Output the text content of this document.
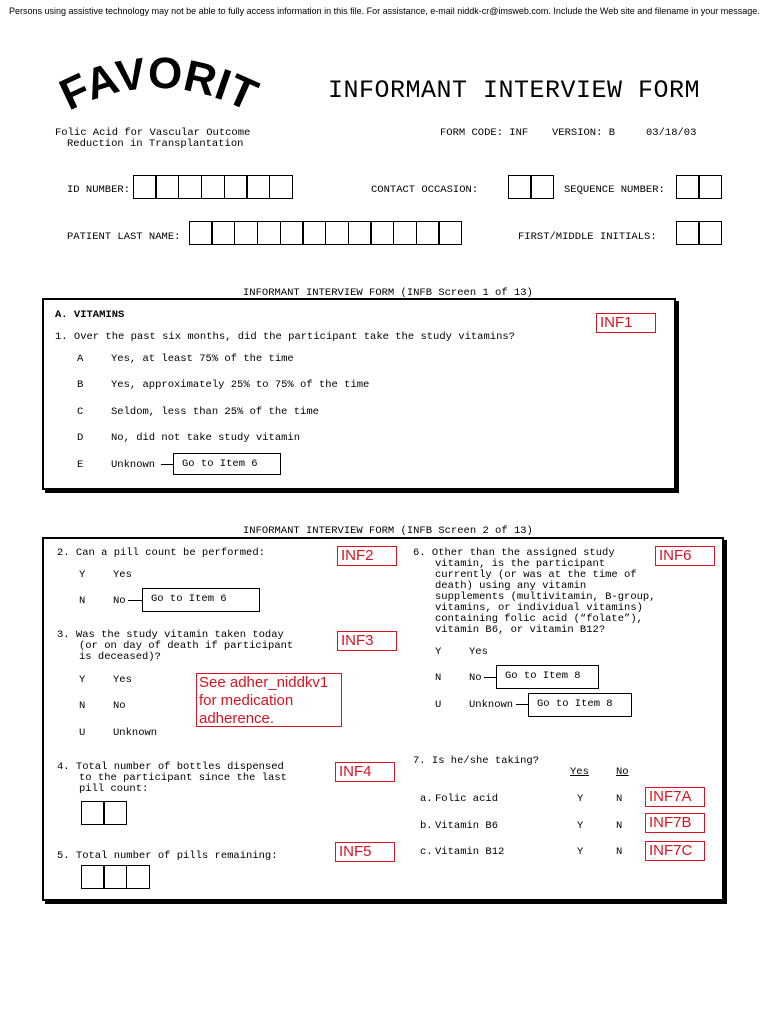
Persons using assistive technology may not be able to fully access information in this file. For assistance, e-mail niddk-cr@imsweb.com. Include the Web site and filename in your message.
FAVORIT	INFORMANT INTERVIEW FORM
Folic Acid for Vascular Outcome
Reduction in Transplantation
FORM CODE: INF VERSION: B	03/18/03
ID NUMBER:	CONTACT OCCASION:	SEQUENCE NUMBER:
PATIENT LAST NAME:	FIRST/MIDDLE INITIALS:
INFORMANT INTERVIEW FORM (INFB Screen 1 of 13)
A. VITAMINS	INF1
1. Over the past six months, did the participant take the study vitamins?
A	Yes, at least 75% of the time
B	Yes, approximately 25% to 75% of the time
C	Seldom, less than 25% of the time
D	No, did not take study vitamin
E	Unknown	Go to Item 6
INFORMANT INTERVIEW FORM (INFB Screen 2 of 13)
2. Can a pill count be performed:	INF2
Y	Yes
N	No	Go to Item 6
3. Was the study vitamin taken today
(or on day of death if participant
is deceased)?
INF3
Y	Yes
N	No
U	Unknown
See adher_niddkv1
for medication
adherence.
4. Total number of bottles dispensed
to the participant since the last
pill count:
INF4
5. Total number of pills remaining:	INF5
6. Other than the assigned study
vitamin, is the participant
currently (or was at the time of
death) using any vitamin
supplements (multivitamin, B-group,
vitamins, or individual vitamins)
containing folic acid (“folate”),
vitamin B6, or vitamin B12?
INF6
Y	Yes
N	No	Go to Item 8
U	Unknown	Go to Item 8
7. Is he/she taking?
Yes	No
a. Folic acid	Y	N INF7A
b. Vitamin B6	Y	N INF7B
c. Vitamin B12	Y	N INF7C
